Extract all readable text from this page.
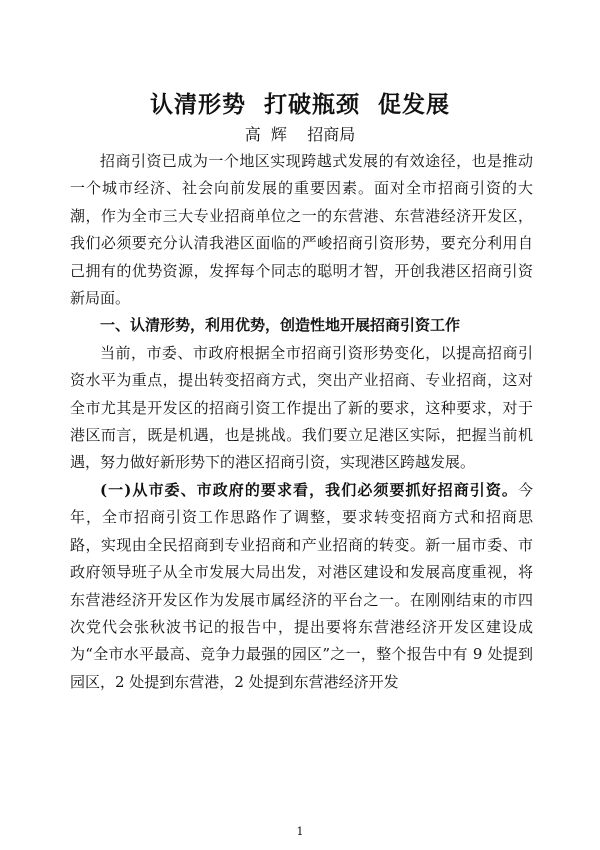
认清形势  打破瓶颈  促发展
高  辉    招商局

招商引资已成为一个地区实现跨越式发展的有效途径，也是推动一个城市经济、社会向前发展的重要因素。面对全市招商引资的大潮，作为全市三大专业招商单位之一的东营港、东营港经济开发区，我们必须要充分认清我港区面临的严峻招商引资形势，要充分利用自己拥有的优势资源，发挥每个同志的聪明才智，开创我港区招商引资新局面。

一、认清形势，利用优势，创造性地开展招商引资工作

当前，市委、市政府根据全市招商引资形势变化，以提高招商引资水平为重点，提出转变招商方式，突出产业招商、专业招商，这对全市尤其是开发区的招商引资工作提出了新的要求，这种要求，对于港区而言，既是机遇，也是挑战。我们要立足港区实际，把握当前机遇，努力做好新形势下的港区招商引资，实现港区跨越发展。

(一)从市委、市政府的要求看，我们必须要抓好招商引资。今年，全市招商引资工作思路作了调整，要求转变招商方式和招商思路，实现由全民招商到专业招商和产业招商的转变。新一届市委、市政府领导班子从全市发展大局出发，对港区建设和发展高度重视，将东营港经济开发区作为发展市属经济的平台之一。在刚刚结束的市四次党代会张秋波书记的报告中，提出要将东营港经济开发区建设成为“全市水平最高、竞争力最强的园区”之一，整个报告中有 9 处提到园区，2 处提到东营港，2 处提到东营港经济开发

1
